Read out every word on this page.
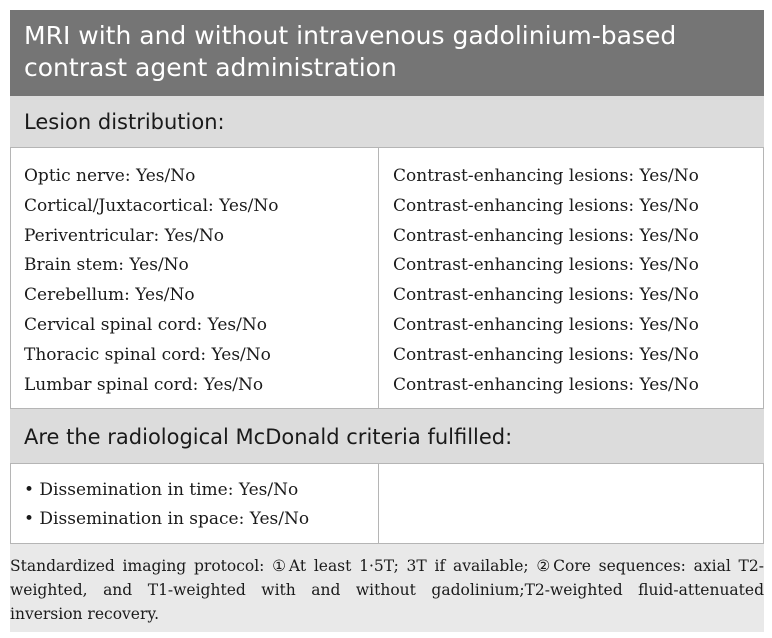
MRI with and without intravenous gadolinium-based contrast agent administration
Lesion distribution:
Optic nerve: Yes/No
Cortical/Juxtacortical: Yes/No
Periventricular: Yes/No
Brain stem: Yes/No
Cerebellum: Yes/No
Cervical spinal cord: Yes/No
Thoracic spinal cord: Yes/No
Lumbar spinal cord: Yes/No
Contrast-enhancing lesions: Yes/No
Contrast-enhancing lesions: Yes/No
Contrast-enhancing lesions: Yes/No
Contrast-enhancing lesions: Yes/No
Contrast-enhancing lesions: Yes/No
Contrast-enhancing lesions: Yes/No
Contrast-enhancing lesions: Yes/No
Contrast-enhancing lesions: Yes/No
Are the radiological McDonald criteria fulfilled:
• Dissemination in time: Yes/No
• Dissemination in space: Yes/No
Standardized imaging protocol: ①At least 1·5T; 3T if available; ②Core sequences: axial T2-weighted, and T1-weighted with and without gadolinium;T2-weighted fluid-attenuated inversion recovery.
